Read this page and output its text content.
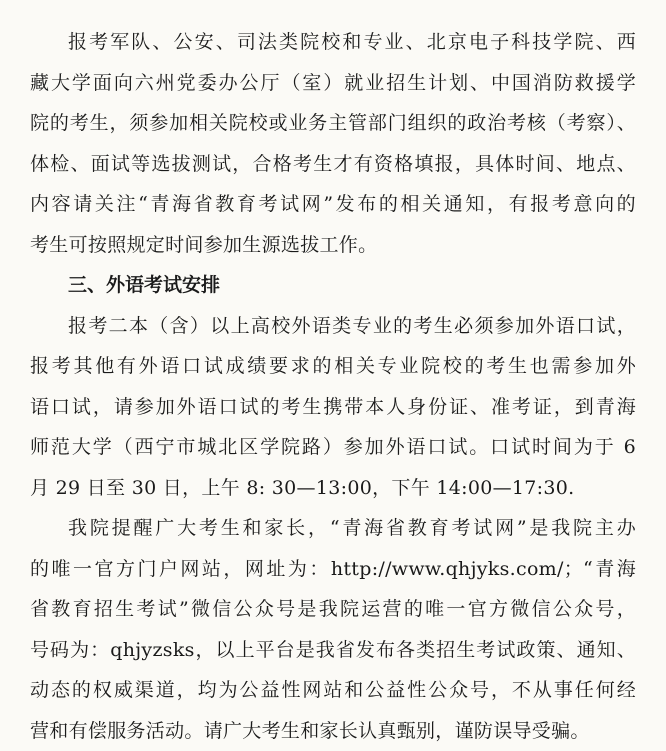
报考军队、公安、司法类院校和专业、北京电子科技学院、西
藏大学面向六州党委办公厅（室）就业招生计划、中国消防救援学
院的考生，须参加相关院校或业务主管部门组织的政治考核（考察）、
体检、面试等选拔测试，合格考生才有资格填报，具体时间、地点、
内容请关注“青海省教育考试网”发布的相关通知，有报考意向的
考生可按照规定时间参加生源选拔工作。

三、外语考试安排

报考二本（含）以上高校外语类专业的考生必须参加外语口试，
报考其他有外语口试成绩要求的相关专业院校的考生也需参加外
语口试，请参加外语口试的考生携带本人身份证、准考证，到青海
师范大学（西宁市城北区学院路）参加外语口试。口试时间为于 6
月 29 日至 30 日，上午 8: 30—13:00，下午 14:00—17:30.

我院提醒广大考生和家长，“青海省教育考试网”是我院主办
的唯一官方门户网站，网址为：http://www.qhjyks.com/；“青海
省教育招生考试”微信公众号是我院运营的唯一官方微信公众号，
号码为：qhjyzsks，以上平台是我省发布各类招生考试政策、通知、
动态的权威渠道，均为公益性网站和公益性公众号，不从事任何经
营和有偿服务活动。请广大考生和家长认真甄别，谨防误导受骗。
